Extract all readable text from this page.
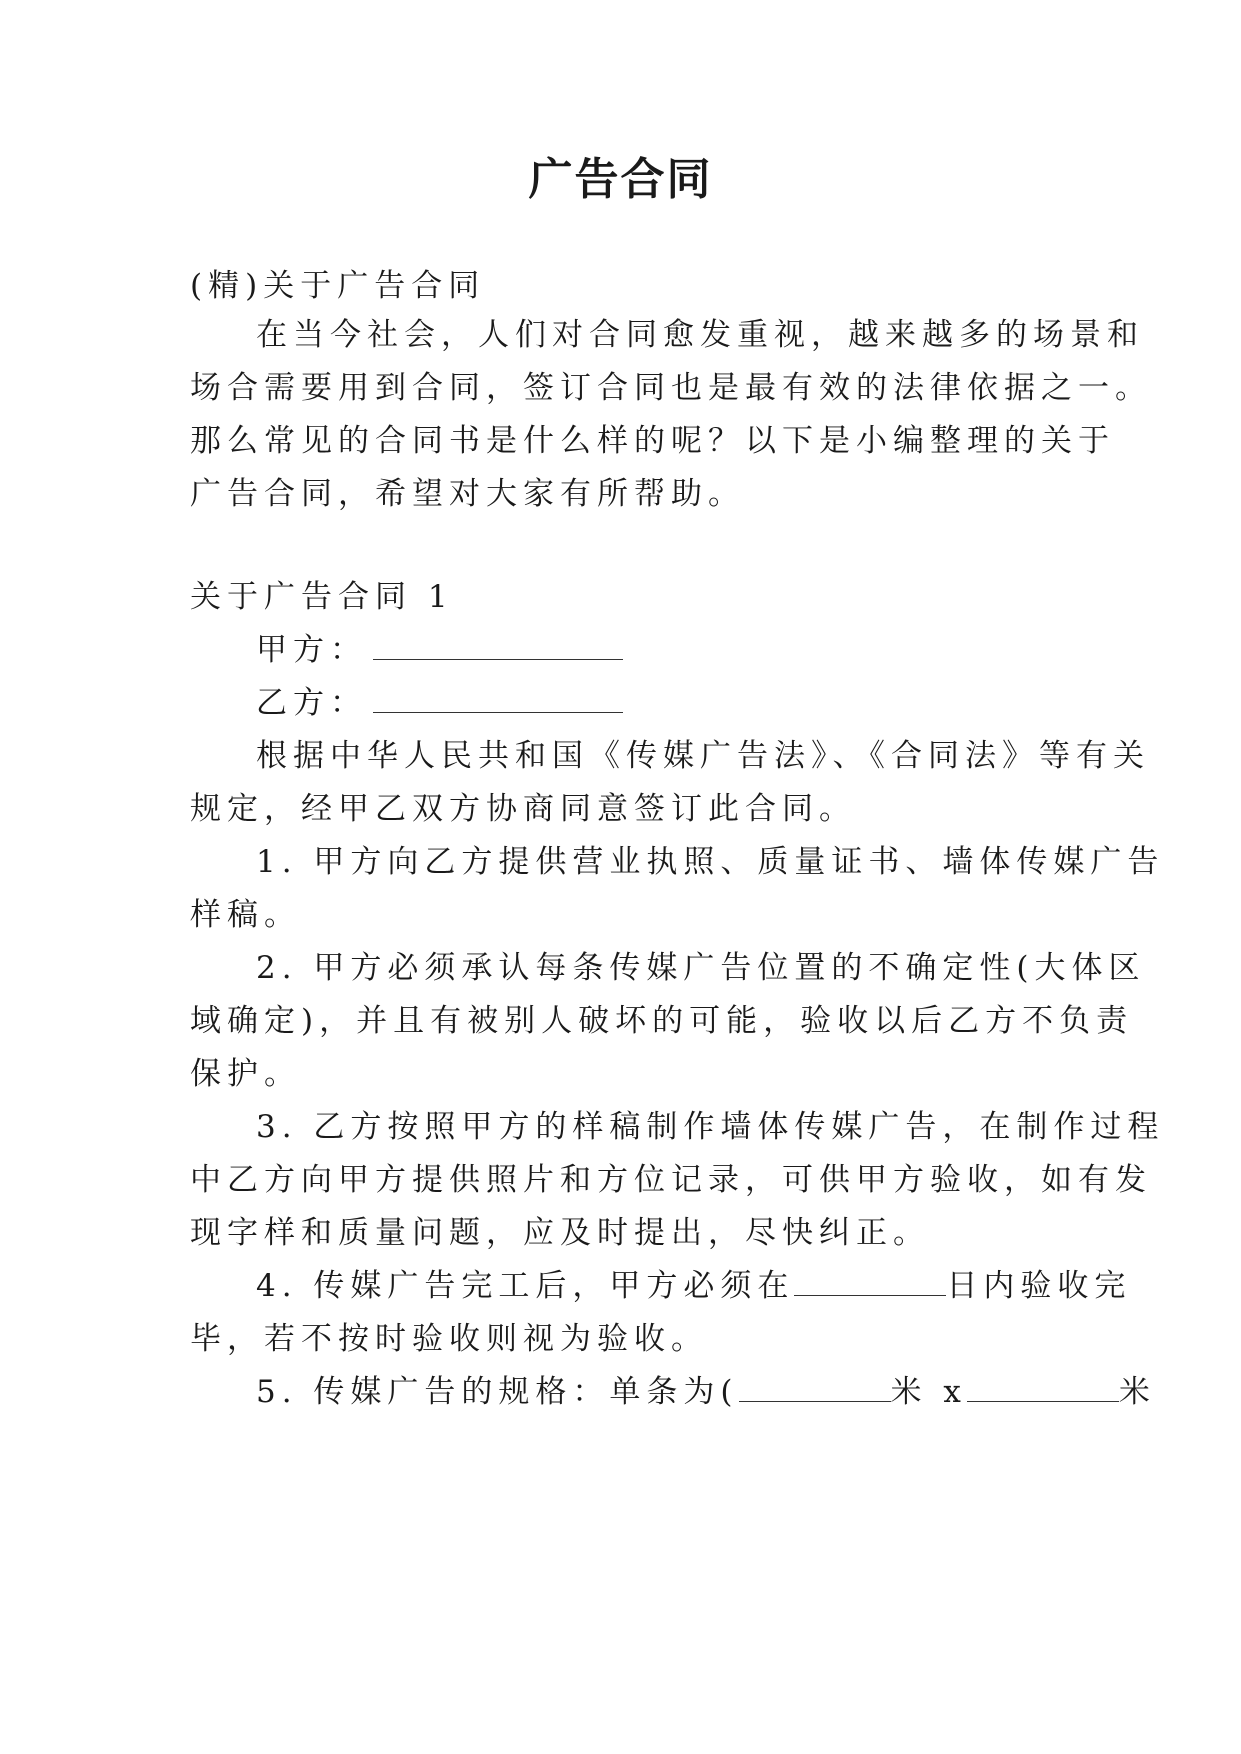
广告合同
(精)关于广告合同
在当今社会，人们对合同愈发重视，越来越多的场景和
场合需要用到合同，签订合同也是最有效的法律依据之一。
那么常见的合同书是什么样的呢？以下是小编整理的关于
广告合同，希望对大家有所帮助。
关于广告合同 1
甲方：
乙方：
根据中华人民共和国《传媒广告法》、《合同法》等有关
规定，经甲乙双方协商同意签订此合同。
1. 甲方向乙方提供营业执照、质量证书、墙体传媒广告
样稿。
2. 甲方必须承认每条传媒广告位置的不确定性(大体区
域确定)，并且有被别人破坏的可能，验收以后乙方不负责
保护。
3. 乙方按照甲方的样稿制作墙体传媒广告，在制作过程
中乙方向甲方提供照片和方位记录，可供甲方验收，如有发
现字样和质量问题，应及时提出，尽快纠正。
4. 传媒广告完工后，甲方必须在	日内验收完
毕，若不按时验收则视为验收。
5. 传媒广告的规格：单条为(	米 x	米
